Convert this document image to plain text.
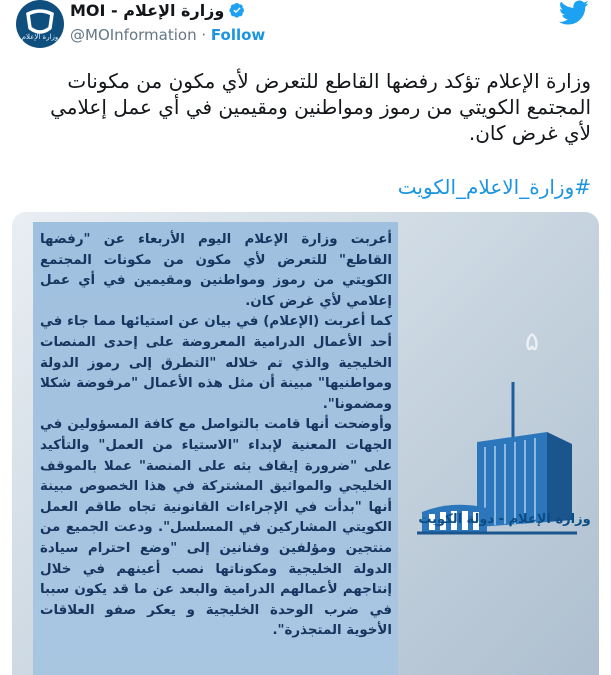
وزارة الإعلام
وزارة الإعلام - MOI
@MOInformation · Follow
وزارة الإعلام تؤكد رفضها القاطع للتعرض لأي مكون من مكونات المجتمع الكويتي من رموز ومواطنين ومقيمين في أي عمل إعلامي لأي غرض كان.
#وزارة_الاعلام_الكويت

أعربت وزارة الإعلام اليوم الأربعاء عن "رفضها القاطع" للتعرض لأي مكون من مكونات المجتمع الكويتي من رموز ومواطنين ومقيمين في أي عمل إعلامي لأي غرض كان.

كما أعربت (الإعلام) في بيان عن استيائها مما جاء في أحد الأعمال الدرامية المعروضة على إحدى المنصات الخليجية والذي تم خلاله "التطرق إلى رموز الدولة ومواطنيها" مبينة أن مثل هذه الأعمال "مرفوضة شكلا ومضمونا".

وأوضحت أنها قامت بالتواصل مع كافة المسؤولين في الجهات المعنية لإبداء "الاستياء من العمل" والتأكيد على "ضرورة إيقاف بثه على المنصة" عملا بالموقف الخليجي والمواثيق المشتركة في هذا الخصوص مبينة أنها "بدأت في الإجراءات القانونية تجاه طاقم العمل الكويتي المشاركين في المسلسل". ودعت الجميع من منتجين ومؤلفين وفنانين إلى "وضع احترام سيادة الدولة الخليجية ومكوناتها نصب أعينهم في خلال إنتاجهم لأعمالهم الدرامية والبعد عن ما قد يكون سببا في ضرب الوحدة الخليجية و يعكر صفو العلاقات الأخوية المتجذرة".

۵
وزارة الإعلام - دولة الكويت
